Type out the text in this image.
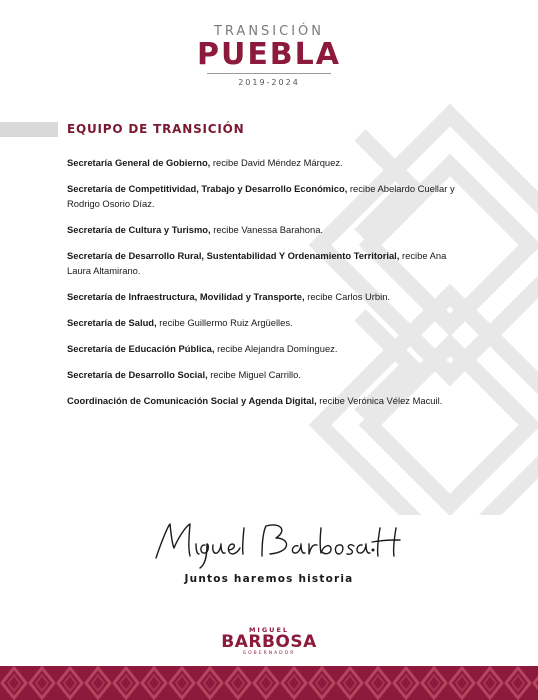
TRANSICIÓN
PUEBLA
2019-2024
EQUIPO DE TRANSICIÓN
Secretaría General de Gobierno, recibe David Méndez Márquez.
Secretaría de Competitividad, Trabajo y Desarrollo Económico, recibe Abelardo Cuellar y Rodrigo Osorio Díaz.
Secretaría de Cultura y Turismo, recibe Vanessa Barahona.
Secretaría de Desarrollo Rural, Sustentabilidad Y Ordenamiento Territorial, recibe Ana Laura Altamirano.
Secretaría de Infraestructura, Movilidad y Transporte, recibe Carlos Urbin.
Secretaría de Salud, recibe Guillermo Ruiz Argüelles.
Secretaría de Educación Pública, recibe Alejandra Domínguez.
Secretaría de Desarrollo Social, recibe Miguel Carrillo.
Coordinación de Comunicación Social y Agenda Digital, recibe Verónica Vélez Macuil.
Juntos haremos historia
MIGUEL
BARBOSA
GOBERNADOR
